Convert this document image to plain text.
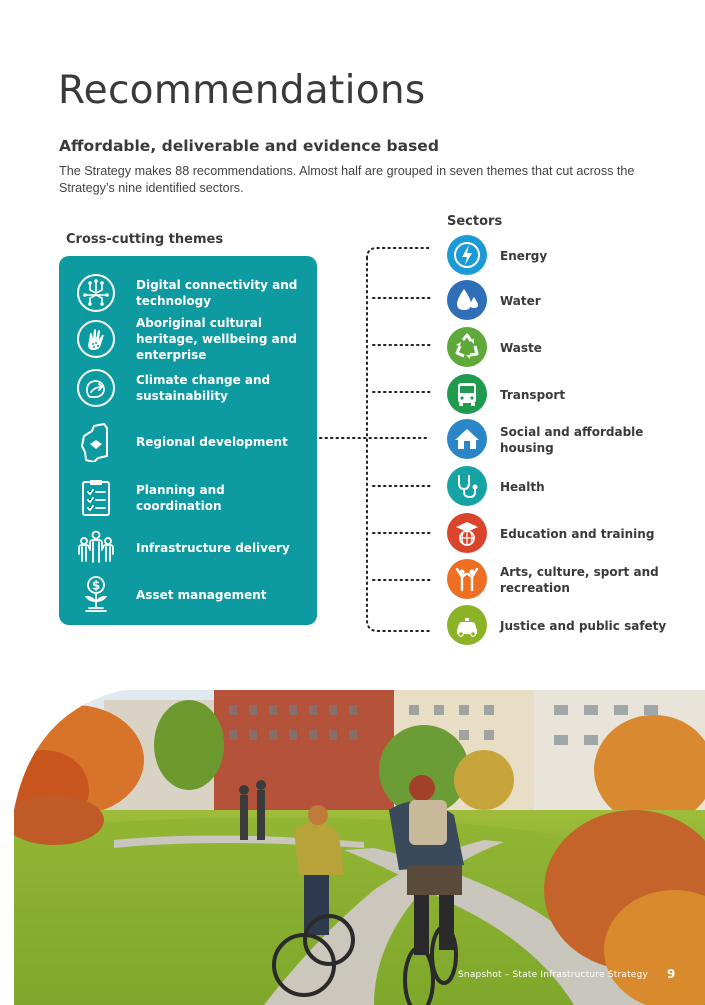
Recommendations
Affordable, deliverable and evidence based

The Strategy makes 88 recommendations. Almost half are grouped in seven themes that cut across the Strategy’s nine identified sectors.

Sectors
Cross-cutting themes
Digital connectivity and technology
Aboriginal cultural heritage, wellbeing and enterprise
Climate change and sustainability
Regional development
Planning and coordination
Infrastructure delivery
$
Asset management
Energy
Water
Waste
Transport
Social and affordable housing
Health
Education and training
Arts, culture, sport and recreation
Justice and public safety
Snapshot – State Infrastructure Strategy 9
